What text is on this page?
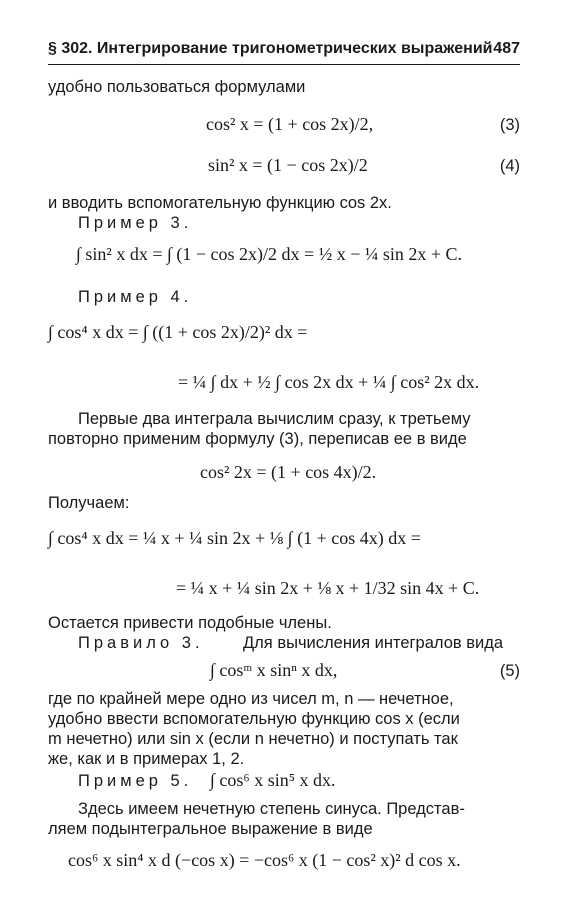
§ 302. Интегрирование тригонометрических выражений 487
удобно пользоваться формулами
cos² x = (1 + cos 2x)/2,	(3)
sin² x = (1 − cos 2x)/2	(4)
и вводить вспомогательную функцию cos 2x.
Пример 3.
∫ sin² x dx = ∫ (1 − cos 2x)/2 dx = ½ x − ¼ sin 2x + C.
Пример 4.
∫ cos⁴ x dx = ∫ ((1 + cos 2x)/2)² dx =
= ¼ ∫ dx + ½ ∫ cos 2x dx + ¼ ∫ cos² 2x dx.
Первые два интеграла вычислим сразу, к третьему
повторно применим формулу (3), переписав ее в виде
cos² 2x = (1 + cos 4x)/2.
Получаем:
∫ cos⁴ x dx = ¼ x + ¼ sin 2x + ⅛ ∫ (1 + cos 4x) dx =
= ¼ x + ¼ sin 2x + ⅛ x + 1/32 sin 4x + C.
Остается привести подобные члены.
Правило 3. Для вычисления интегралов вида
∫ cosᵐ x sinⁿ x dx,	(5)
где по крайней мере одно из чисел m, n — нечетное,
удобно ввести вспомогательную функцию cos x (если
m нечетно) или sin x (если n нечетно) и поступать так
же, как и в примерах 1, 2.
Пример 5. ∫ cos⁶ x sin⁵ x dx.
Здесь имеем нечетную степень синуса. Представ-
ляем подынтегральное выражение в виде
cos⁶ x sin⁴ x d (−cos x) = −cos⁶ x (1 − cos² x)² d cos x.
